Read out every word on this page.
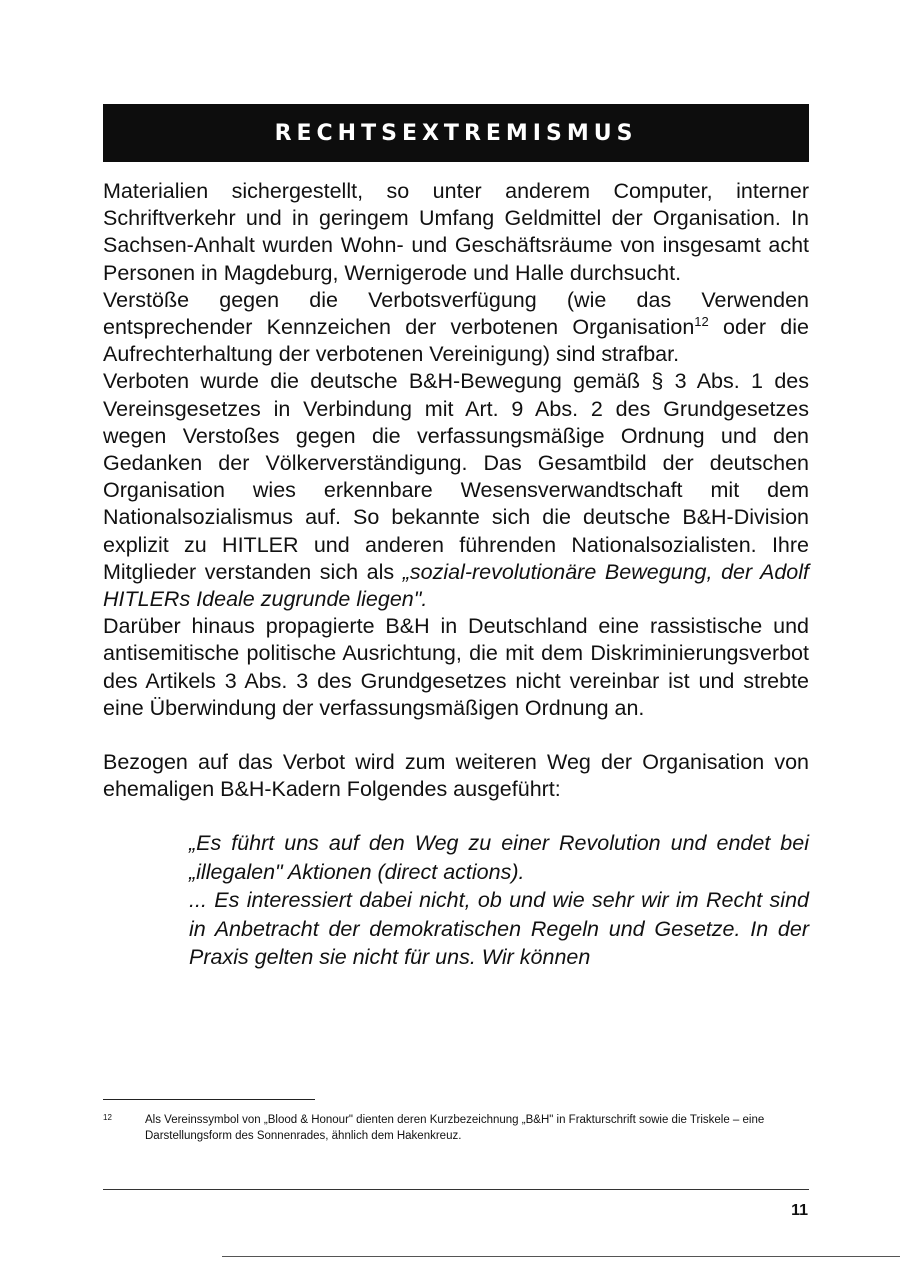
RECHTSEXTREMISMUS

Materialien sichergestellt, so unter anderem Computer, interner Schriftverkehr und in geringem Umfang Geldmittel der Organisation. In Sachsen-Anhalt wurden Wohn- und Geschäftsräume von insgesamt acht Personen in Magdeburg, Wernigerode und Halle durchsucht.

Verstöße gegen die Verbotsverfügung (wie das Verwenden entsprechender Kennzeichen der verbotenen Organisation$^{12}$ oder die Aufrechterhaltung der verbotenen Vereinigung) sind strafbar.

Verboten wurde die deutsche B&H-Bewegung gemäß § 3 Abs. 1 des Vereinsgesetzes in Verbindung mit Art. 9 Abs. 2 des Grundgesetzes wegen Verstoßes gegen die verfassungsmäßige Ordnung und den Gedanken der Völkerverständigung. Das Gesamtbild der deutschen Organisation wies erkennbare Wesensverwandtschaft mit dem Nationalsozialismus auf. So bekannte sich die deutsche B&H-Division explizit zu HITLER und anderen führenden Nationalsozialisten. Ihre Mitglieder verstanden sich als „sozial-revolutionäre Bewegung, der Adolf HITLERs Ideale zugrunde liegen".

Darüber hinaus propagierte B&H in Deutschland eine rassistische und antisemitische politische Ausrichtung, die mit dem Diskriminierungsverbot des Artikels 3 Abs. 3 des Grundgesetzes nicht vereinbar ist und strebte eine Überwindung der verfassungsmäßigen Ordnung an.

Bezogen auf das Verbot wird zum weiteren Weg der Organisation von ehemaligen B&H-Kadern Folgendes ausgeführt:

„Es führt uns auf den Weg zu einer Revolution und endet bei „illegalen" Aktionen (direct actions).

... Es interessiert dabei nicht, ob und wie sehr wir im Recht sind in Anbetracht der demokratischen Regeln und Gesetze. In der Praxis gelten sie nicht für uns. Wir können

12	Als Vereinssymbol von „Blood & Honour" dienten deren Kurzbezeichnung „B&H" in Frakturschrift sowie die Triskele – eine Darstellungsform des Sonnenrades, ähnlich dem Hakenkreuz.
11
